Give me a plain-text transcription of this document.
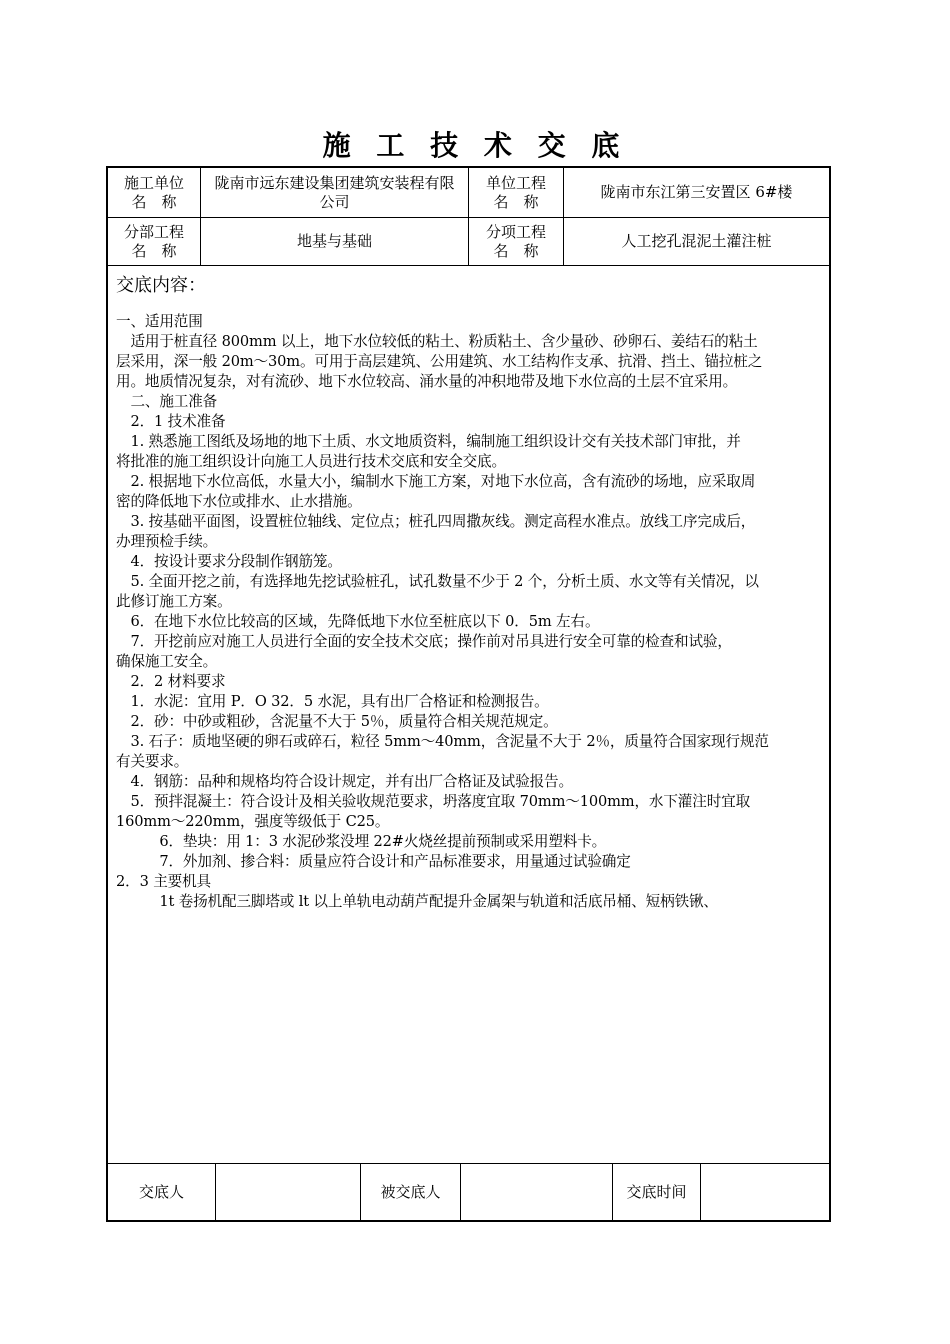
施 工 技 术 交 底
施工单位
名　称
陇南市远东建设集团建筑安装程有限公司
单位工程
名　称
陇南市东江第三安置区 6#楼
分部工程
名　称
地基与基础
分项工程
名　称
人工挖孔混泥土灌注桩
交底内容：
一、适用范围
　适用于桩直径 800mm 以上，地下水位较低的粘土、粉质粘土、含少量砂、砂卵石、姜结石的粘土
层采用，深一般 20m～30m。可用于高层建筑、公用建筑、水工结构作支承、抗滑、挡土、锚拉桩之
用。地质情况复杂，对有流砂、地下水位较高、涌水量的冲积地带及地下水位高的土层不宜采用。
　二、施工准备
　2．1 技术准备
　1. 熟悉施工图纸及场地的地下土质、水文地质资料，编制施工组织设计交有关技术部门审批，并
将批准的施工组织设计向施工人员进行技术交底和安全交底。
　2. 根据地下水位高低，水量大小，编制水下施工方案，对地下水位高，含有流砂的场地，应采取周
密的降低地下水位或排水、止水措施。
　3. 按基础平面图，设置桩位轴线、定位点；桩孔四周撒灰线。测定高程水准点。放线工序完成后，
办理预检手续。
　4．按设计要求分段制作钢筋笼。
　5. 全面开挖之前，有选择地先挖试验桩孔，试孔数量不少于 2 个，分析土质、水文等有关情况，以
此修订施工方案。
　6．在地下水位比较高的区域，先降低地下水位至桩底以下 0．5m 左右。
　7．开挖前应对施工人员进行全面的安全技术交底；操作前对吊具进行安全可靠的检查和试验，
确保施工安全。
　2．2 材料要求
　1．水泥：宜用 P．O 32．5 水泥，具有出厂合格证和检测报告。
　2．砂：中砂或粗砂，含泥量不大于 5％，质量符合相关规范规定。
　3. 石子：质地坚硬的卵石或碎石，粒径 5mm～40mm，含泥量不大于 2％，质量符合国家现行规范
有关要求。
　4．钢筋：品种和规格均符合设计规定，并有出厂合格证及试验报告。
　5．预拌混凝土：符合设计及相关验收规范要求，坍落度宜取 70mm～100mm，水下灌注时宜取
160mm～220mm，强度等级低于 C25。
　　　6．垫块：用 1：3 水泥砂浆没埋 22#火烧丝提前预制或采用塑料卡。
　　　7．外加剂、掺合料：质量应符合设计和产品标准要求，用量通过试验确定
2．3 主要机具
　　　1t 卷扬机配三脚塔或 lt 以上单轨电动葫芦配提升金属架与轨道和活底吊桶、短柄铁锹、
交底人	被交底人	交底时间
